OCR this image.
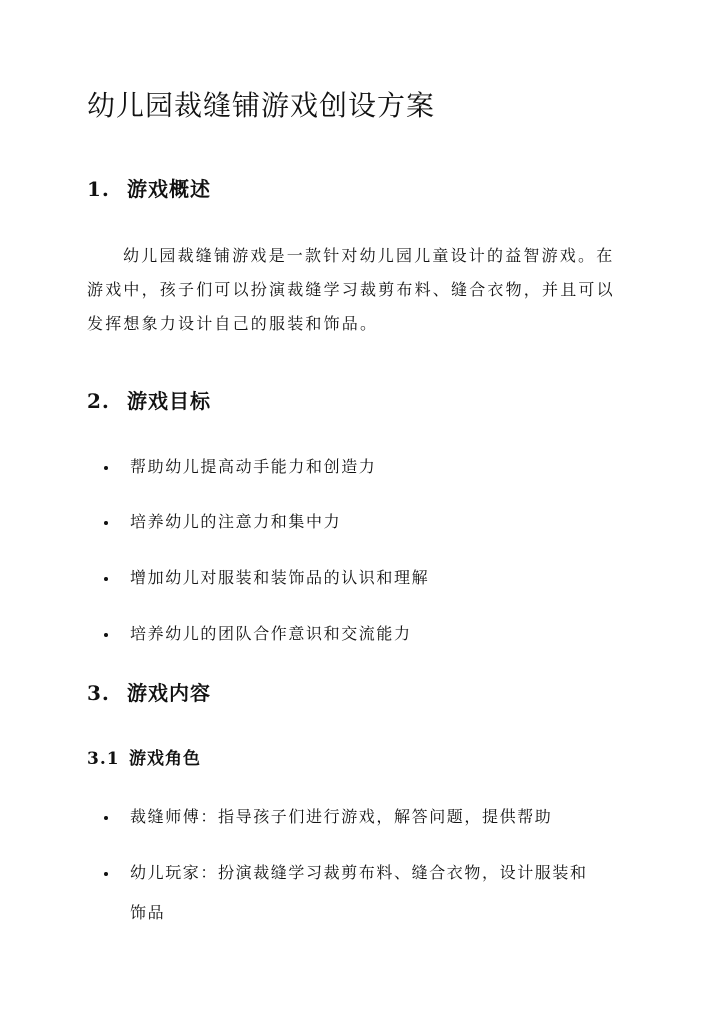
幼儿园裁缝铺游戏创设方案
1. 游戏概述

幼儿园裁缝铺游戏是一款针对幼儿园儿童设计的益智游戏。在
游戏中，孩子们可以扮演裁缝学习裁剪布料、缝合衣物，并且可以
发挥想象力设计自己的服装和饰品。

2. 游戏目标
帮助幼儿提高动手能力和创造力
培养幼儿的注意力和集中力
增加幼儿对服装和装饰品的认识和理解
培养幼儿的团队合作意识和交流能力
3. 游戏内容
3.1 游戏角色
裁缝师傅：指导孩子们进行游戏，解答问题，提供帮助
幼儿玩家：扮演裁缝学习裁剪布料、缝合衣物，设计服装和
饰品
